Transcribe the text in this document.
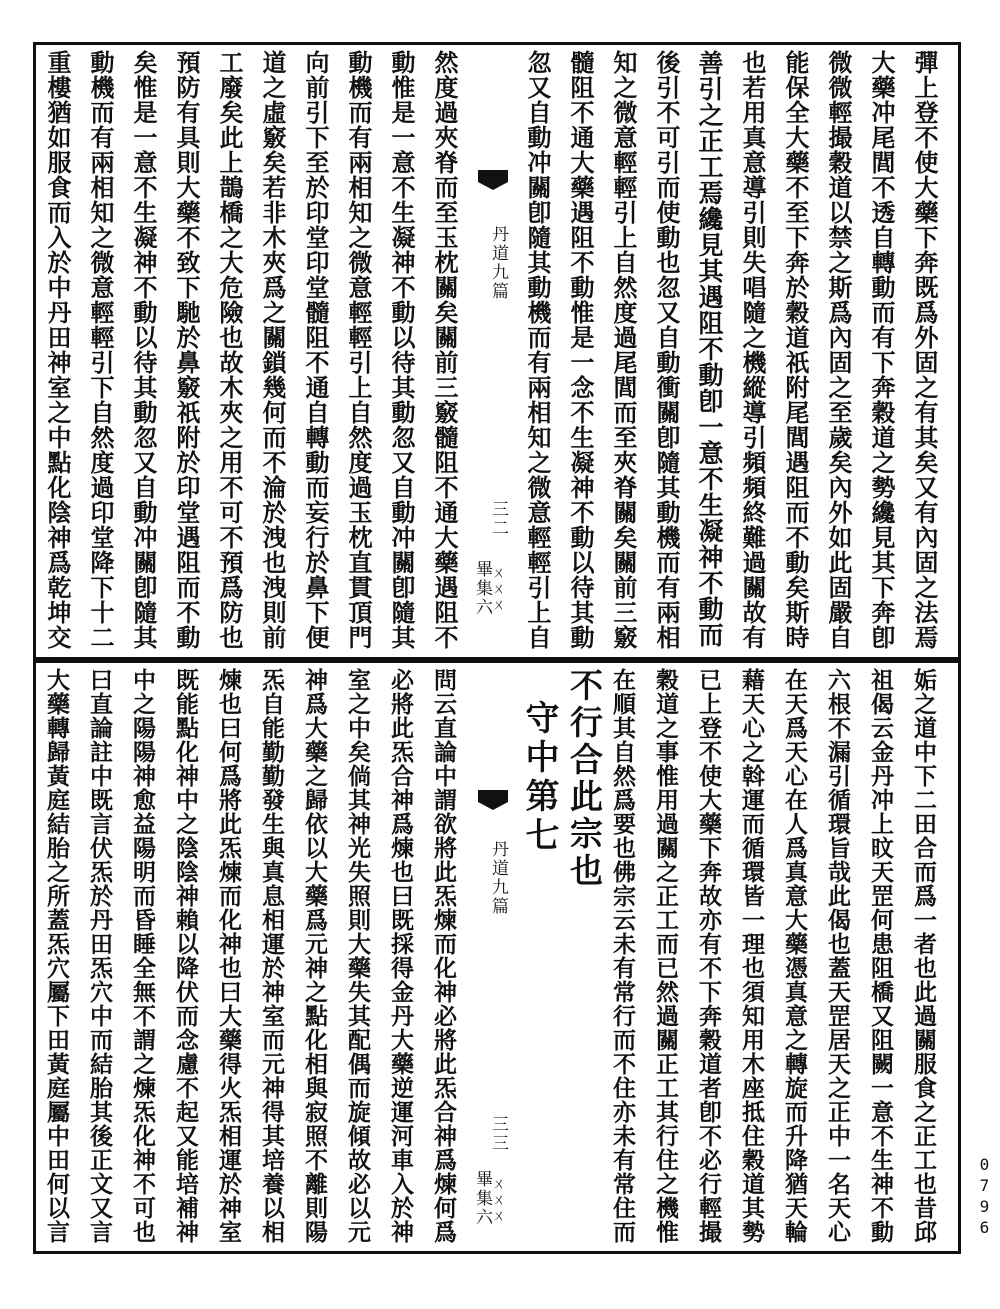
彈上登不使大藥下奔既爲外固之有其矣又有內固之法焉
大藥冲尾閭不透自轉動而有下奔穀道之勢纔見其下奔卽
微微輕撮穀道以禁之斯爲內固之至歲矣內外如此固嚴自
能保全大藥不至下奔於穀道祇附尾閭遇阻而不動矣斯時
也若用真意導引則失唱隨之機縱導引頻頻終難過關故有
善引之正工焉纔見其遇阻不動卽一意不生凝神不動而
後引不可引而使動也忽又自動衝關卽隨其動機而有兩相
知之微意輕輕引上自然度過尾閭而至夾脊關矣關前三竅
髓阻不通大藥遇阻不動惟是一念不生凝神不動以待其動
忽又自動冲關卽隨其動機而有兩相知之微意輕輕引上自
丹道九篇
三二
畢集六
ㄨㄨㄨ
然度過夾脊而至玉枕關矣關前三竅髓阻不通大藥遇阻不
動惟是一意不生凝神不動以待其動忽又自動冲關卽隨其
動機而有兩相知之微意輕輕引上自然度過玉枕直貫頂門
向前引下至於印堂印堂髓阻不通自轉動而妄行於鼻下便
道之虛竅矣若非木夾爲之關鎖幾何而不淪於洩也洩則前
工廢矣此上鵲橋之大危險也故木夾之用不可不預爲防也
預防有具則大藥不致下馳於鼻竅祇附於印堂遇阻而不動
矣惟是一意不生凝神不動以待其動忽又自動冲關卽隨其
動機而有兩相知之微意輕輕引下自然度過印堂降下十二
重樓猶如服食而入於中丹田神室之中點化陰神爲乾坤交
姤之道中下二田合而爲一者也此過關服食之正工也昔邱
祖偈云金丹冲上旼天罡何患阻橋又阻闕一意不生神不動
六根不漏引循環旨哉此偈也蓋天罡居天之正中一名天心
在天爲天心在人爲真意大藥憑真意之轉旋而升降猶天輪
藉天心之斡運而循環皆一理也須知用木座抵住穀道其勢
已上登不使大藥下奔故亦有不下奔穀道者卽不必行輕撮
穀道之事惟用過關之正工而已然過關正工其行住之機惟
在順其自然爲要也佛宗云未有常行而不住亦未有常住而
不行合此宗也
守中第七
丹道九篇
三三
畢集六
ㄨㄨㄨ
問云直論中謂欲將此炁煉而化神必將此炁合神爲煉何爲
必將此炁合神爲煉也曰既採得金丹大藥逆運河車入於神
室之中矣倘其神光失照則大藥失其配偶而旋傾故必以元
神爲大藥之歸依以大藥爲元神之點化相與寂照不離則陽
炁自能勤勤發生與真息相運於神室而元神得其培養以相
煉也曰何爲將此炁煉而化神也曰大藥得火炁相運於神室
既能點化神中之陰陰神賴以降伏而念慮不起又能培補神
中之陽陽神愈益陽明而昏睡全無不謂之煉炁化神不可也
曰直論註中既言伏炁於丹田炁穴中而結胎其後正文又言
大藥轉歸黃庭結胎之所蓋炁穴屬下田黃庭屬中田何以言	0796
